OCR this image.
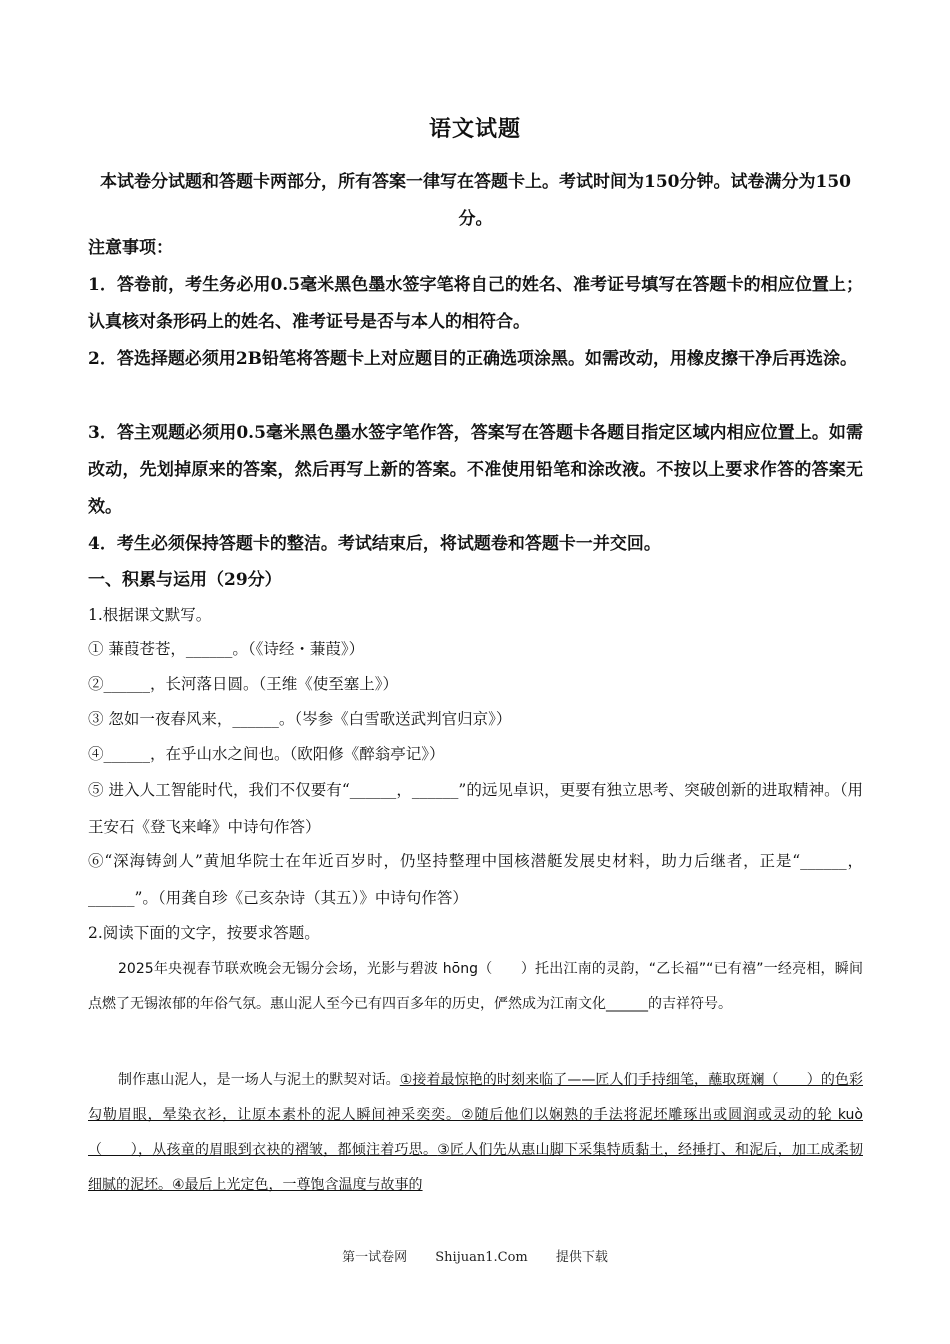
语文试题
本试卷分试题和答题卡两部分，所有答案一律写在答题卡上。考试时间为150分钟。试卷满分为150分。
注意事项：
1．答卷前，考生务必用0.5毫米黑色墨水签字笔将自己的姓名、准考证号填写在答题卡的相应位置上；认真核对条形码上的姓名、准考证号是否与本人的相符合。
2．答选择题必须用2B铅笔将答题卡上对应题目的正确选项涂黑。如需改动，用橡皮擦干净后再选涂。
3．答主观题必须用0.5毫米黑色墨水签字笔作答，答案写在答题卡各题目指定区域内相应位置上。如需改动，先划掉原来的答案，然后再写上新的答案。不准使用铅笔和涂改液。不按以上要求作答的答案无效。
4．考生必须保持答题卡的整洁。考试结束后，将试题卷和答题卡一并交回。
一、积累与运用（29分）
1.根据课文默写。
① 蒹葭苍苍，______。（《诗经・蒹葭》）
②______，长河落日圆。（王维《使至塞上》）
③ 忽如一夜春风来，______。（岑参《白雪歌送武判官归京》）
④______，在乎山水之间也。（欧阳修《醉翁亭记》）
⑤ 进入人工智能时代，我们不仅要有“______，______”的远见卓识，更要有独立思考、突破创新的进取精神。（用王安石《登飞来峰》中诗句作答）
⑥“深海铸剑人”黄旭华院士在年近百岁时，仍坚持整理中国核潜艇发展史材料，助力后继者，正是“______，______”。（用龚自珍《己亥杂诗（其五）》中诗句作答）
2.阅读下面的文字，按要求答题。
2025年央视春节联欢晚会无锡分会场，光影与碧波 hōng（　　）托出江南的灵韵，“乙长福”“已有禧”一经亮相，瞬间点燃了无锡浓郁的年俗气氛。惠山泥人至今已有四百多年的历史，俨然成为江南文化______的吉祥符号。
制作惠山泥人，是一场人与泥土的默契对话。①接着最惊艳的时刻来临了——匠人们手持细笔，蘸取斑斓（　　）的色彩勾勒眉眼，晕染衣衫，让原本素朴的泥人瞬间神采奕奕。②随后他们以娴熟的手法将泥坯雕琢出或圆润或灵动的轮 kuò（　　），从孩童的眉眼到衣袂的褶皱，都倾注着巧思。③匠人们先从惠山脚下采集特质黏土，经捶打、和泥后，加工成柔韧细腻的泥坯。④最后上光定色，一尊饱含温度与故事的
第一试卷网 Shijuan1.Com 提供下载
